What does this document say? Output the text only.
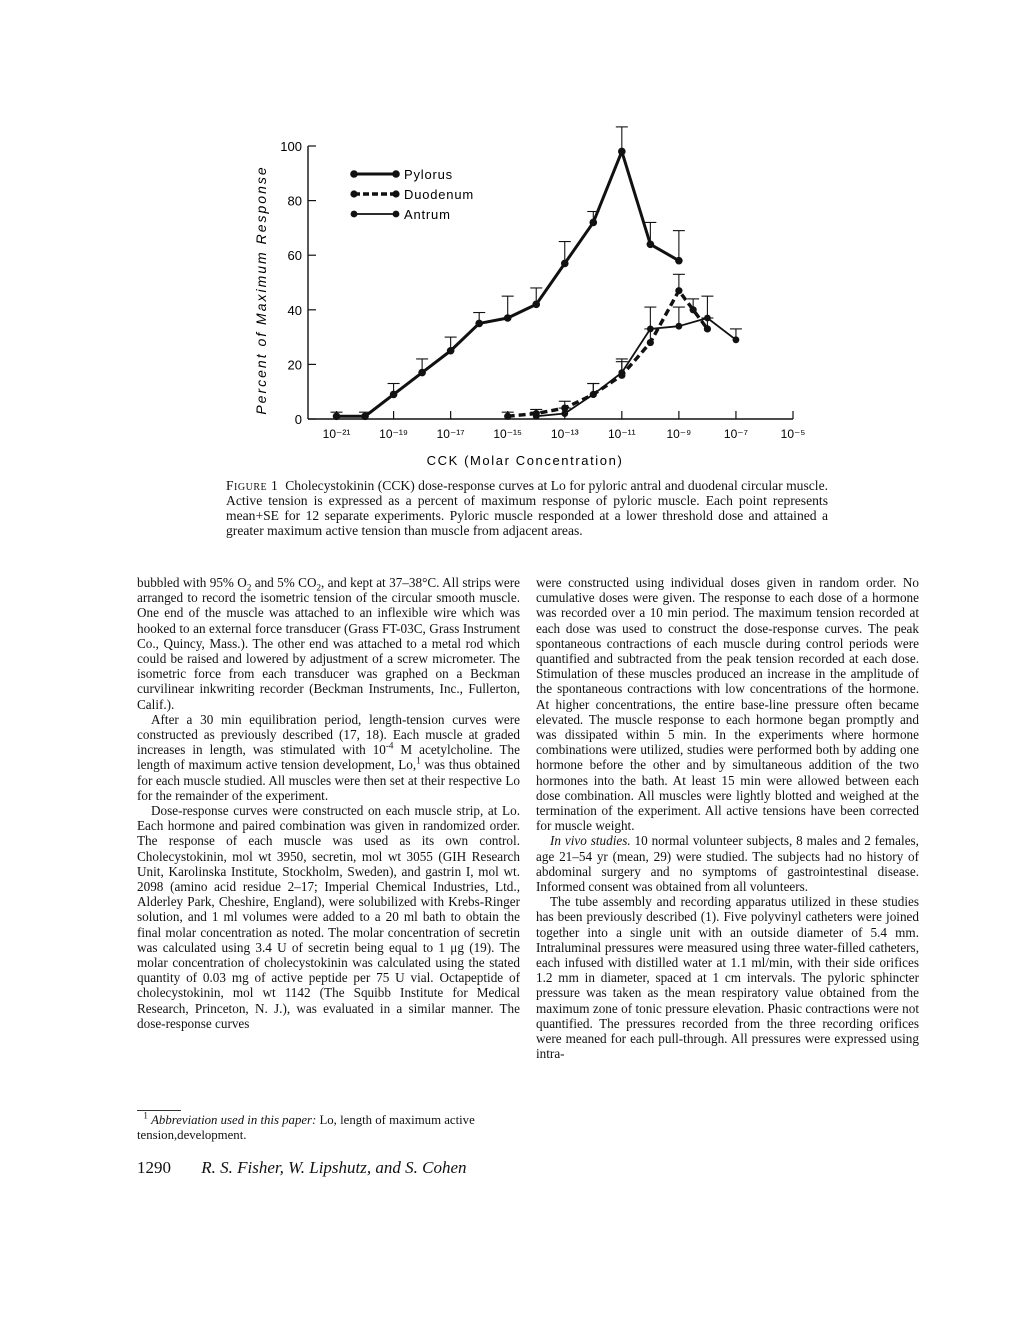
0
20
40
60
80
100
10⁻²¹ 10⁻¹⁹ 10⁻¹⁷ 10⁻¹⁵ 10⁻¹³ 10⁻¹¹	10⁻⁹	10⁻⁷	10⁻⁵
Percent of Maximum Response
CCK (Molar Concentration)
Pylorus
Duodenum
Antrum

Figure 1 Cholecystokinin (CCK) dose-response curves at Lo for pyloric antral and duodenal circular muscle. Active tension is expressed as a percent of maximum response of pyloric muscle. Each point represents mean+SE for 12 separate experiments. Pyloric muscle responded at a lower threshold dose and attained a greater maximum active tension than muscle from adjacent areas.

bubbled with 95% $O_2$ and 5% $CO_2$, and kept at 37–38°C. All strips were arranged to record the isometric tension of the circular smooth muscle. One end of the muscle was attached to an inflexible wire which was hooked to an external force transducer (Grass FT-03C, Grass Instrument Co., Quincy, Mass.). The other end was attached to a metal rod which could be raised and lowered by adjustment of a screw micrometer. The isometric force from each transducer was graphed on a Beckman curvilinear inkwriting recorder (Beckman Instruments, Inc., Fullerton, Calif.).

After a 30 min equilibration period, length-tension curves were constructed as previously described (17, 18). Each muscle at graded increases in length, was stimulated with $10^{-4}$ M acetylcholine. The length of maximum active tension development, Lo,$^1$ was thus obtained for each muscle studied. All muscles were then set at their respective Lo for the remainder of the experiment.

Dose-response curves were constructed on each muscle strip, at Lo. Each hormone and paired combination was given in randomized order. The response of each muscle was used as its own control. Cholecystokinin, mol wt 3950, secretin, mol wt 3055 (GIH Research Unit, Karolinska Institute, Stockholm, Sweden), and gastrin I, mol wt. 2098 (amino acid residue 2–17; Imperial Chemical Industries, Ltd., Alderley Park, Cheshire, England), were solubilized with Krebs-Ringer solution, and 1 ml volumes were added to a 20 ml bath to obtain the final molar concentration as noted. The molar concentration of secretin was calculated using 3.4 U of secretin being equal to 1 μg (19). The molar concentration of cholecystokinin was calculated using the stated quantity of 0.03 mg of active peptide per 75 U vial. Octapeptide of cholecystokinin, mol wt 1142 (The Squibb Institute for Medical Research, Princeton, N. J.), was evaluated in a similar manner. The dose-response curves

were constructed using individual doses given in random order. No cumulative doses were given. The response to each dose of a hormone was recorded over a 10 min period. The maximum tension recorded at each dose was used to construct the dose-response curves. The peak spontaneous contractions of each muscle during control periods were quantified and subtracted from the peak tension recorded at each dose. Stimulation of these muscles produced an increase in the amplitude of the spontaneous contractions with low concentrations of the hormone. At higher concentrations, the entire base-line pressure often became elevated. The muscle response to each hormone began promptly and was dissipated within 5 min. In the experiments where hormone combinations were utilized, studies were performed both by adding one hormone before the other and by simultaneous addition of the two hormones into the bath. At least 15 min were allowed between each dose combination. All muscles were lightly blotted and weighed at the termination of the experiment. All active tensions have been corrected for muscle weight.

In vivo studies. 10 normal volunteer subjects, 8 males and 2 females, age 21–54 yr (mean, 29) were studied. The subjects had no history of abdominal surgery and no symptoms of gastrointestinal disease. Informed consent was obtained from all volunteers.

The tube assembly and recording apparatus utilized in these studies has been previously described (1). Five polyvinyl catheters were joined together into a single unit with an outside diameter of 5.4 mm. Intraluminal pressures were measured using three water-filled catheters, each infused with distilled water at 1.1 ml/min, with their side orifices 1.2 mm in diameter, spaced at 1 cm intervals. The pyloric sphincter pressure was taken as the mean respiratory value obtained from the maximum zone of tonic pressure elevation. Phasic contractions were not quantified. The pressures recorded from the three recording orifices were meaned for each pull-through. All pressures were expressed using intra-

$^1$ Abbreviation used in this paper: Lo, length of maximum active tension,development.
1290 R. S. Fisher, W. Lipshutz, and S. Cohen
